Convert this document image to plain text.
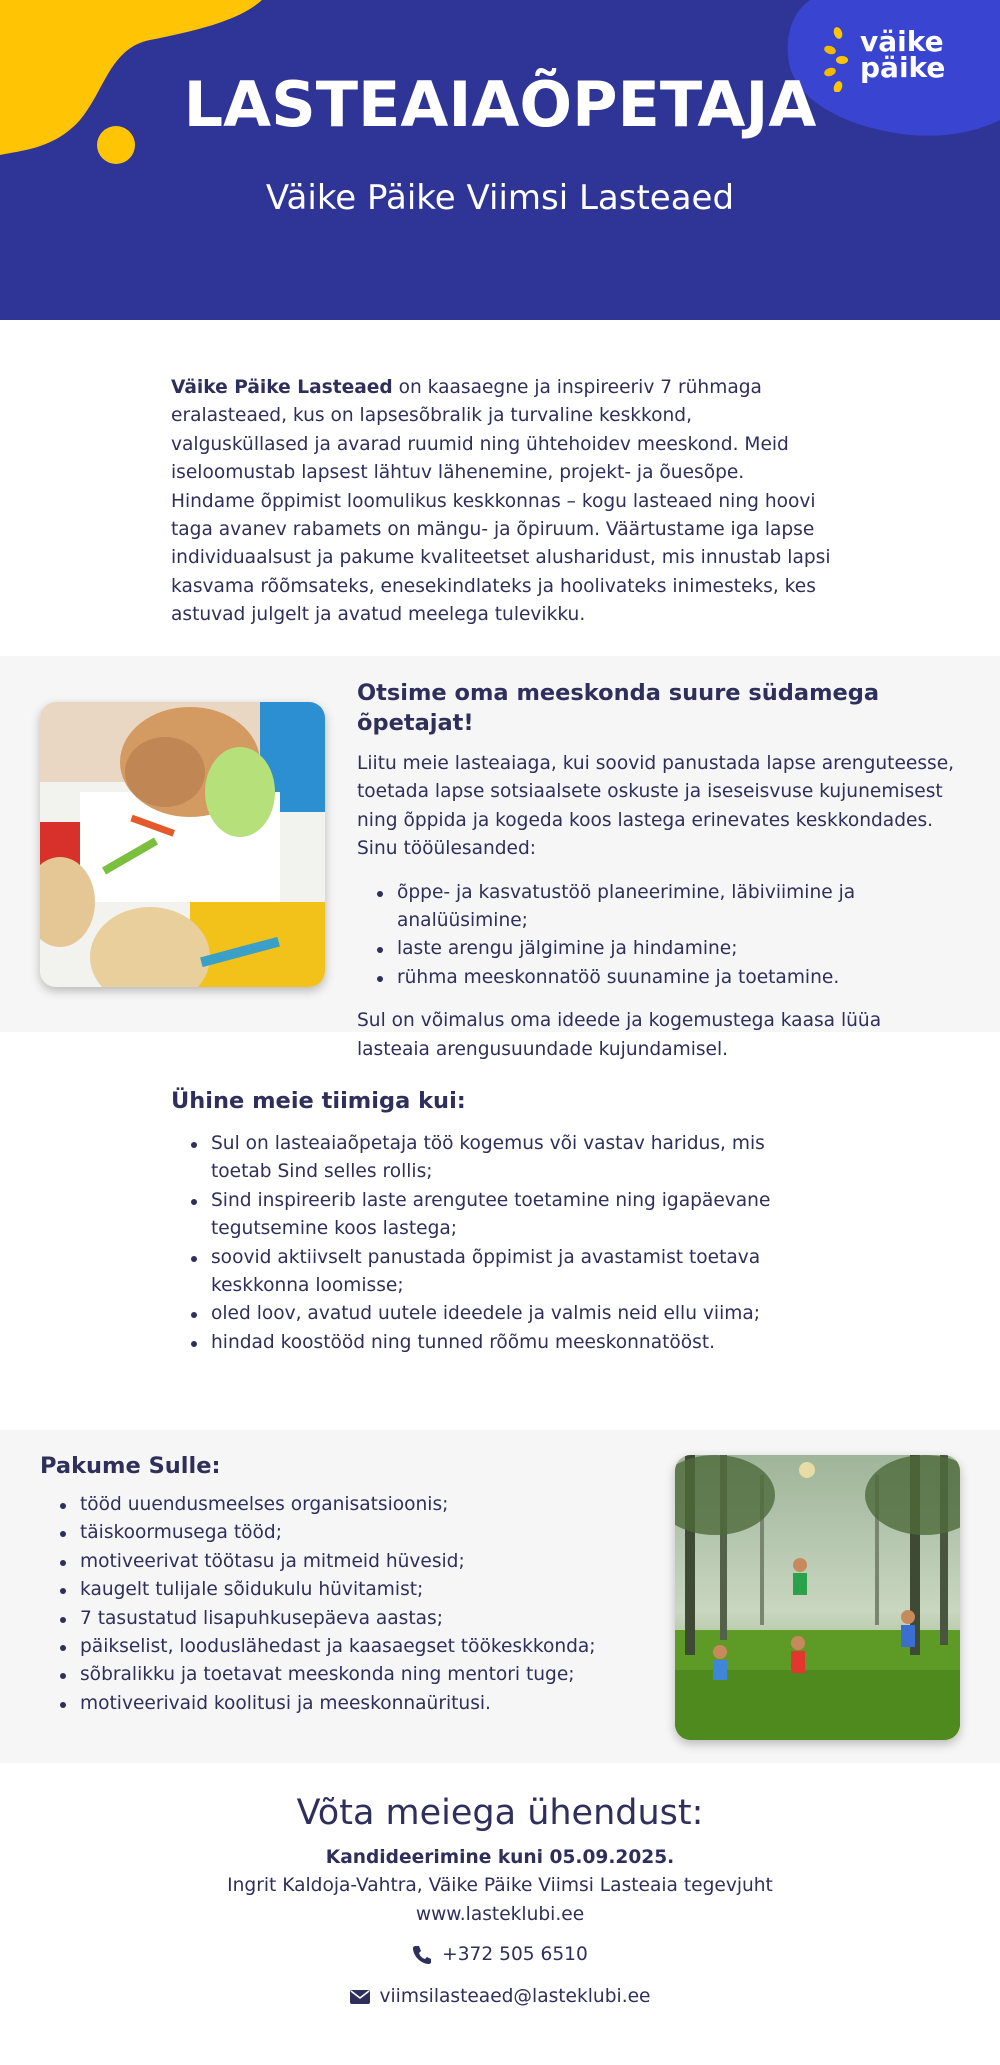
väike
päike
LASTEAIAÕPETAJA
Väike Päike Viimsi Lasteaed

Väike Päike Lasteaed on kaasaegne ja inspireeriv 7 rühmaga eralasteaed, kus on lapsesõbralik ja turvaline keskkond, valgusküllased ja avarad ruumid ning ühtehoidev meeskond. Meid iseloomustab lapsest lähtuv lähenemine, projekt- ja õuesõpe. Hindame õppimist loomulikus keskkonnas – kogu lasteaed ning hoovi taga avanev rabamets on mängu- ja õpiruum. Väärtustame iga lapse individuaalsust ja pakume kvaliteetset alusharidust, mis innustab lapsi kasvama rõõmsateks, enesekindlateks ja hoolivateks inimesteks, kes astuvad julgelt ja avatud meelega tulevikku.

Otsime oma meeskonda suure südamega õpetajat!

Liitu meie lasteaiaga, kui soovid panustada lapse arenguteesse, toetada lapse sotsiaalsete oskuste ja iseseisvuse kujunemisest ning õppida ja kogeda koos lastega erinevates keskkondades.

Sinu tööülesanded:

õppe- ja kasvatustöö planeerimine, läbiviimine ja analüüsimine;
laste arengu jälgimine ja hindamine;
rühma meeskonnatöö suunamine ja toetamine.

Sul on võimalus oma ideede ja kogemustega kaasa lüüa lasteaia arengusuundade kujundamisel.

Ühine meie tiimiga kui:
Sul on lasteaiaõpetaja töö kogemus või vastav haridus, mis toetab Sind selles rollis;
Sind inspireerib laste arengutee toetamine ning igapäevane tegutsemine koos lastega;
soovid aktiivselt panustada õppimist ja avastamist toetava keskkonna loomisse;
oled loov, avatud uutele ideedele ja valmis neid ellu viima;
hindad koostööd ning tunned rõõmu meeskonnatööst.
Pakume Sulle:
tööd uuendusmeelses organisatsioonis;
täiskoormusega tööd;
motiveerivat töötasu ja mitmeid hüvesid;
kaugelt tulijale sõidukulu hüvitamist;
7 tasustatud lisapuhkusepäeva aastas;
päikselist, looduslähedast ja kaasaegset töökeskkonda;
sõbralikku ja toetavat meeskonda ning mentori tuge;
motiveerivaid koolitusi ja meeskonnaüritusi.
Võta meiega ühendust:
Kandideerimine kuni 05.09.2025.
Ingrit Kaldoja-Vahtra, Väike Päike Viimsi Lasteaia tegevjuht
www.lasteklubi.ee
+372 505 6510
viimsilasteaed@lasteklubi.ee
